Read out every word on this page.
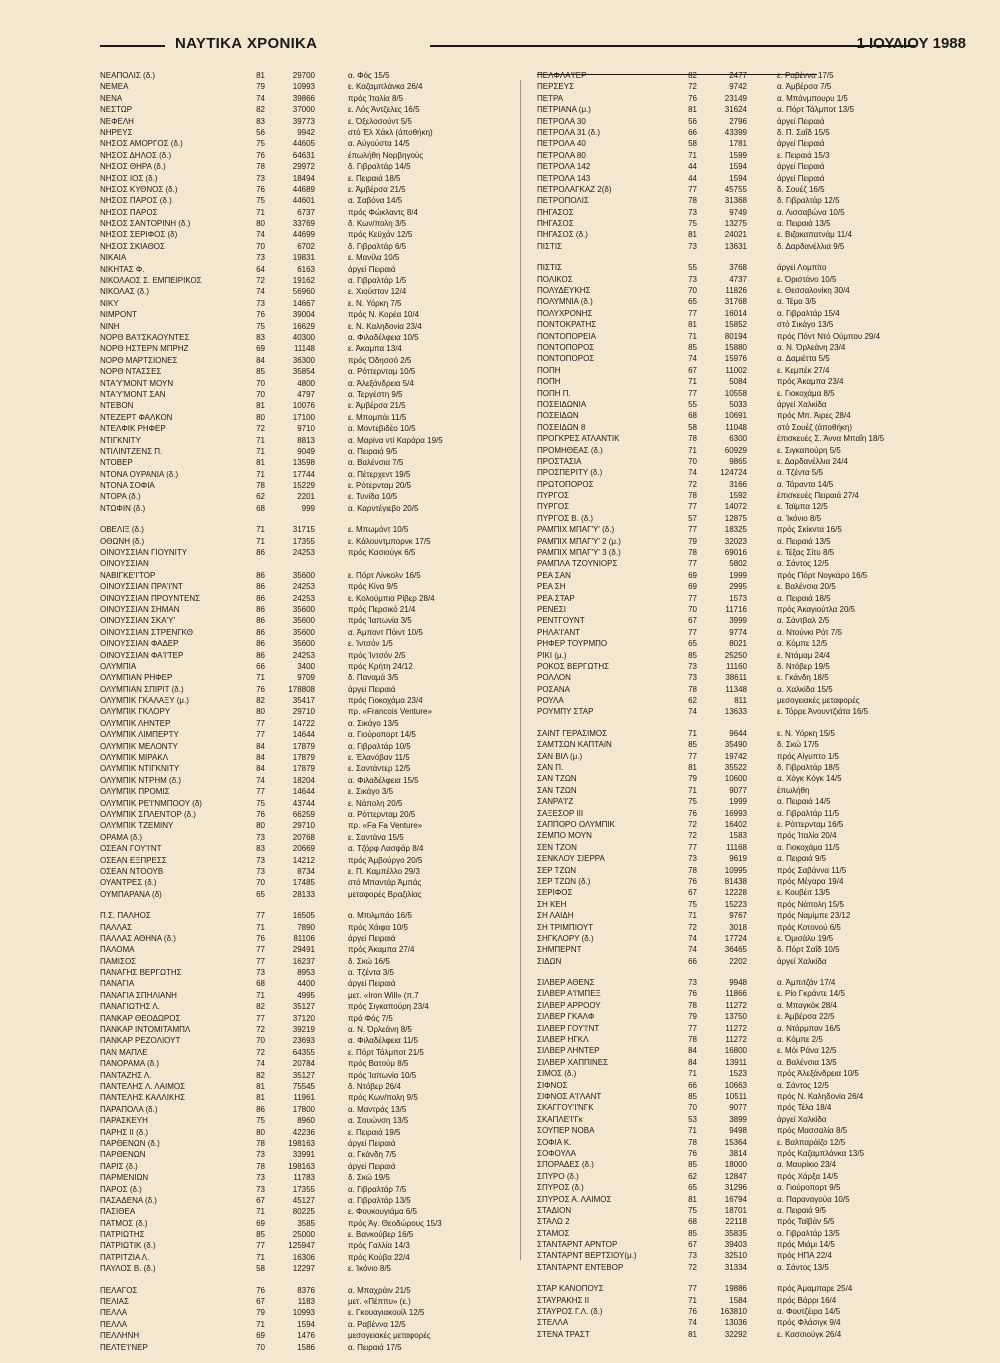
ΝΑΥΤΙΚΑ ΧΡΟΝΙΚΑ	1 ΙΟΥΛΙΟΥ 1988
ΝΕΑΠΟΛΙΣ (δ.)	81	29700	α. Φός 15/5
ΝΕΜΕΑ	79	10993	ε. Καζαμπλάνκα 26/4
ΝΕΝΑ	74	39866	πρός Ίταλία 8/5
ΝΕΣΤΩΡ	82	37000	ε. Λός Άντζελες 16/5
ΝΕΦΕΛΗ	83	39773	ε. Όξελοσούντ 5/5
ΝΗΡΕΥΣ	56	9942	στό Έλ Χάκλ (άποθήκη)
ΝΗΣΟΣ ΑΜΟΡΓΟΣ (δ.)	75	44605	α. Αύγούστα 14/5
ΝΗΣΟΣ ΔΗΛΟΣ (δ.)	76	64631	έπωλήθη Νορβηγούς
ΝΗΣΟΣ ΘΗΡΑ (δ.)	78	29972	δ. Γιβραλτάρ 14/5
ΝΗΣΟΣ ΙΟΣ (δ.)	73	18494	ε. Πειραιά 18/5
ΝΗΣΟΣ ΚΥΘΝΟΣ (δ.)	76	44689	ε. Άμβέρσα 21/5
ΝΗΣΟΣ ΠΑΡΟΣ (δ.)	75	44601	α. Σαβόνα 14/5
ΝΗΣΟΣ ΠΑΡΟΣ	71	6737	πρός Φώκλαντς 8/4
ΝΗΣΟΣ ΣΑΝΤΟΡΙΝΗ (δ.)	80	33769	δ. Κων/πολη 3/5
ΝΗΣΟΣ ΣΕΡΙΦΟΣ (δ)	74	44699	πρός Κεϋχάν 12/5
ΝΗΣΟΣ ΣΚΙΑΘΟΣ	70	6702	δ. Γιβραλτάρ 6/5
ΝΙΚΑΙΑ	73	19831	ε. Μανίλα 10/5
ΝΙΚΗΤΑΣ Φ.	64	6163	άργεί Πειραιά
ΝΙΚΟΛΑΟΣ Σ. ΕΜΠΕΙΡΙΚΟΣ	72	19162	α. Γιβραλτάρ 1/5
ΝΙΚΟΛΑΣ (δ.)	74	56960	ε. Χιούστον 12/4
ΝΙΚΥ	73	14667	ε. Ν. Υόρκη 7/5
ΝΙΜΡΟΝΤ	76	39004	πρός Ν. Κορέα 10/4
ΝΙΝΗ	75	16629	ε. Ν. Καληδονία 23/4
ΝΟΡΘ ΒΑ'Ι'ΣΚΑΟΥΝΤΕΣ	83	40300	α. Φιλαδέλφεια 10/5
ΝΟΡΘ ΗΣΤΕΡΝ ΜΠΡΗΖ	69	11148	ε. Άκαμπα 13/4
ΝΟΡΘ ΜΑΡΤΣΙΟΝΕΣ	84	36300	πρός Όδησσό 2/5
ΝΟΡΘ ΝΤΑΣΣΕΣ	85	35854	α. Ρόττερνταμ 10/5
ΝΤΑ'Υ'ΜΟΝΤ ΜΟΥΝ	70	4800	α. Άλεξάνδρεια 5/4
ΝΤΑ'Υ'ΜΟΝΤ ΣΑΝ	70	4797	α. Τεργέστη 9/5
ΝΤΕΒΟΝ	81	10076	ε. Άμβέρσα 21/5
ΝΤΕΖΕΡΤ ΦΑΛΚΟΝ	80	17100	ε. Μπομπάι 11/5
ΝΤΕΛΦΙΚ ΡΗΦΕΡ	72	9710	α. Μοντεβιδέο 10/5
ΝΤΙΓΚΝΙΤΥ	71	8813	α. Μαρίνα ντί Καράρα 19/5
ΝΤΙΛΙΝΤΖΕΝΣ Π.	71	9049	α. Πειραιά 9/5
ΝΤΟΒΕΡ	81	13598	α. Βαλένσια 7/5
ΝΤΟΝΑ ΟΥΡΑΝΙΑ (δ.)	71	17744	α. Πέτερχεντ 19/5
ΝΤΟΝΑ ΣΟΦΙΑ	78	15229	ε. Ρότερνταμ 20/5
ΝΤΟΡΑ (δ.)	62	2201	ε. Τυνίδα 10/5
ΝΤΩΦΙΝ (δ.)	68	999	α. Καρντέγιεβο 20/5
ΟΒΕΛΙΞ (δ.)	71	31715	ε. Μπωμόντ 10/5
ΟΘΩΝΗ (δ.)	71	17355	ε. Κάλουντμπορνκ 17/5
ΟΙΝΟΥΣΣΙΑΝ ΓΙΟΥΝΙΤΥ	86	24253	πρός Κασιούγκ 6/5
ΟΙΝΟΥΣΣΙΑΝ
ΝΑΒΙΓΚΕ'Ι'ΤΟΡ	86	35600	ε. Πόρτ Λίνκολν 16/5
ΟΙΝΟΥΣΣΙΑΝ ΠΡΑ'Ι'ΝΤ	86	24253	πρός Κίνα 9/5
ΟΙΝΟΥΣΣΙΑΝ ΠΡΟΥΝΤΕΝΣ	86	24253	ε. Κολούμπια Ρίβερ 28/4
ΟΙΝΟΥΣΣΙΑΝ ΣΗΜΑΝ	86	35600	πρός Περσικό 21/4
ΟΙΝΟΥΣΣΙΑΝ ΣΚΑ'Υ'	86	35600	πρός Ίαπωνία 3/5
ΟΙΝΟΥΣΣΙΑΝ ΣΤΡΕΝΓΚΘ	86	35600	α. Άμποντ Πόιντ 10/5
ΟΙΝΟΥΣΣΙΑΝ ΦΑΔΕΡ	86	35600	ε. Ίντσόν 1/5
ΟΙΝΟΥΣΣΙΑΝ ΦΑ'Ι'ΤΕΡ	86	24253	πρός Ίντσόν 2/5
ΟΛΥΜΠΙΑ	66	3400	πρός Κρήτη 24/12
ΟΛΥΜΠΙΑΝ ΡΗΦΕΡ	71	9709	δ. Παναμά 3/5
ΟΛΥΜΠΙΑΝ ΣΠΙΡΙΤ (δ.)	76	178808	άργεί Πειραιά
ΟΛΥΜΠΙΚ ΓΚΑΛΑΞΥ (μ.)	82	35417	πρός Γιοκοχάμα 23/4
ΟΛΥΜΠΙΚ ΓΚΛΟΡΥ	80	29710	πρ. «Francois Venture»
ΟΛΥΜΠΙΚ ΛΗΝΤΕΡ	77	14722	α. Σικάγο 13/5
ΟΛΥΜΠΙΚ ΛΙΜΠΕΡΤΥ	77	14644	α. Γιούροπορτ 14/5
ΟΛΥΜΠΙΚ ΜΕΛΟΝΤΥ	84	17879	α. Γιβραλτάρ 10/5
ΟΛΥΜΠΙΚ ΜΙΡΑΚΛ	84	17879	ε. Έλανόβαν 11/5
ΟΛΥΜΠΙΚ ΝΤΙΓΚΝΙΤΥ	84	17879	ε. Σαντάντερ 12/5
ΟΛΥΜΠΙΚ ΝΤΡΗΜ (δ.)	74	18204	α. Φιλαδέλφεια 15/5
ΟΛΥΜΠΙΚ ΠΡΟΜΙΣ	77	14644	ε. Σικάγο 3/5
ΟΛΥΜΠΙΚ ΡΕ'Ι'ΝΜΠΟΟΥ (δ)	75	43744	ε. Νάπολη 20/5
ΟΛΥΜΠΙΚ ΣΠΛΕΝΤΟΡ (δ.)	76	66259	α. Ρόττερνταμ 20/5
ΟΛΥΜΠΙΚ ΤΖΕΜΙΝΥ	80	29710	πρ. «Fa Fa Venture»
ΟΡΑΜΑ (δ.)	73	20768	ε. Σαντάνα 15/5
ΟΣΕΑΝ ΓΟΥ'Ι'ΝΤ	83	20669	α. Τζόρφ Λασφάρ 8/4
ΟΣΕΑΝ ΕΞΠΡΕΣΣ	73	14212	πρός Άμβούργο 20/5
ΟΣΕΑΝ ΝΤΟΟΥΒ	73	8734	ε. Π. Καμπέλλο 29/3
ΟΥΑΝΤΡΕΣ (δ.)	70	17485	στό Μπαντάρ Άμπάς
ΟΥΜΠΑΡΑΝΑ (δ)	65	28133	μεταφορές Βραζιλίας
Π.Σ. ΠΑΛΗΟΣ	77	16505	α. Μπιλμπάο 16/5
ΠΑΛΛΑΣ	71	7890	πρός Χάιφα 10/5
ΠΑΛΛΑΣ ΑΘΗΝΑ (δ.)	76	81106	άργεί Πειραιά
ΠΑΛΟΜΑ	77	29491	πρός Άκαμπα 27/4
ΠΑΜΙΣΟΣ	77	16237	δ. Σκώ 16/5
ΠΑΝΑΓΗΣ ΒΕΡΓΩΤΗΣ	73	8953	α. Τζέντα 3/5
ΠΑΝΑΓΙΑ	68	4400	άργεί Πειραιά
ΠΑΝΑΓΙΑ ΣΠΗΛΙΑΝΗ	71	4995	μετ. «Iron Will» (π.7
ΠΑΝΑΓΙΩΤΗΣ Λ.	82	35127	πρός Σιγκαπούρη 23/4
ΠΑΝΚΑΡ ΘΕΟΔΩΡΟΣ	77	37120	πρό Φός 7/5
ΠΑΝΚΑΡ ΙΝΤΟΜΙΤΑΜΠΛ	72	39219	α. Ν. Όρλεάνη 8/5
ΠΑΝΚΑΡ ΡΕΖΟΛΙΟΥΤ	70	23693	α. Φιλαδέλφεια 11/5
ΠΑΝ ΜΑΠΛΕ	72	64355	ε. Πόρτ Τάλμποτ 21/5
ΠΑΝΟΡΑΜΑ (δ.)	74	20784	πρός Βατούμ 8/5
ΠΑΝΤΑΖΗΣ Λ.	82	35127	πρός Ίαπωνία 10/5
ΠΑΝΤΕΛΗΣ Λ. ΛΑΙΜΟΣ	81	75545	δ. Ντόβερ 26/4
ΠΑΝΤΕΛΗΣ ΚΑΛΛΙΚΗΣ	81	11961	πρός Κων/πολη 9/5
ΠΑΡΑΠΟΛΑ (δ.)	86	17800	α. Μαντράς 13/5
ΠΑΡΑΣΚΕΥΗ	75	8960	α. Σουώνση 13/5
ΠΑΡΗΣ ΙΙ (δ.)	80	42236	ε. Πειραιά 19/5
ΠΑΡΘΕΝΩΝ (δ.)	78	198163	άργεί Πειραιά
ΠΑΡΘΕΝΩΝ	73	33991	α. Γκάνδη 7/5
ΠΑΡΙΣ (δ.)	78	198163	άργεί Πειραιά
ΠΑΡΜΕΝΙΩΝ	73	11783	δ. Σκώ 19/5
ΠΑΡΟΣ (δ.)	73	17355	α. Γιβραλτάρ 7/5
ΠΑΣΑΔΕΝΑ (δ.)	67	45127	α. Γιβραλτάρ 13/5
ΠΑΣΙΘΕΑ	71	80225	ε. Φουκουγιάμα 6/5
ΠΑΤΜΟΣ (δ.)	69	3585	πρός Άγ. Θεοδώρους 15/3
ΠΑΤΡΙΩΤΗΣ	85	25000	ε. Βανκούβερ 16/5
ΠΑΤΡΙΩΤΙΚ (δ.)	77	125947	πρός Γαλλία 14/3
ΠΑΤΡΙΤΖΙΑ Λ.	71	16306	πρός Κούβα 22/4
ΠΑΥΛΟΣ Β. (δ.)	58	12297	ε. Ίκόνιο 8/5
ΠΕΛΑΓΟΣ	76	8376	α. Μπαχράιν 21/5
ΠΕΛΙΑΣ	67	1183	μετ. «Πέππυ» (ε.)
ΠΕΛΛΑ	79	10993	ε. Γκουαγιακουίλ 12/5
ΠΕΛΛΑ	71	1594	α. Ραβέννα 12/5
ΠΕΛΛΗΝΗ	69	1476	μεσογειακές μεταφορές
ΠΕΛΤΕ'Ι'ΝΕΡ	70	1586	α. Πειραιά 17/5
ΠΕΛΦΛΑ'Ι'ΕΡ	82	2477	ε. Ραβέννα 17/5
ΠΕΡΣΕΥΣ	72	9742	α. Άμβέρσα 7/5
ΠΕΤΡΑ	76	23149	α. Μπάνμπουρυ 1/5
ΠΕΤΡΙΑΝΑ (μ.)	81	31624	α. Πόρτ Τάλμποτ 13/5
ΠΕΤΡΟΛΑ 30	56	2796	άργεί Πειραιά
ΠΕΤΡΟΛΑ 31 (δ.)	66	43399	δ. Π. Σαΐδ 15/5
ΠΕΤΡΟΛΑ 40	58	1781	άργεί Πειραιά
ΠΕΤΡΟΛΑ 80	71	1599	ε. Πειραιά 15/3
ΠΕΤΡΟΛΑ 142	44	1594	άργεί Πειραιά
ΠΕΤΡΟΛΑ 143	44	1594	άργεί Πειραιά
ΠΕΤΡΟΛΑΓΚΑΖ 2(δ)	77	45755	δ. Σουέζ 16/5
ΠΕΤΡΟΠΟΛΙΣ	78	31368	δ. Γιβραλτάρ 12/5
ΠΗΓΑΣΟΣ	73	9749	α. Λισσαβώνα 10/5
ΠΗΓΑΣΟΣ	75	13275	α. Πειραιά 13/5
ΠΗΓΑΣΟΣ (δ.)	81	24021	ε. Βιζακαπατνάμ 11/4
ΠΙΣΤΙΣ	73	13631	δ. Δαρδανέλλια 9/5
ΠΙΣΤΙΣ	55	3768	άργεί Λομπίτο
ΠΟΛΙΚΟΣ	73	4737	ε. Όριστάνο 10/5
ΠΟΛΥΔΕΥΚΗΣ	70	11826	ε. Θεσσαλονίκη 30/4
ΠΟΛΥΜΝΙΑ (δ.)	65	31768	α. Τέμα 3/5
ΠΟΛΥΧΡΟΝΗΣ	77	16014	α. Γιβραλτάρ 15/4
ΠΟΝΤΟΚΡΑΤΗΣ	81	15852	στό Σικάγο 13/5
ΠΟΝΤΟΠΟΡΕΙΑ	71	80194	πρός Πόντ Ντό Ούμπου 29/4
ΠΟΝΤΟΠΟΡΟΣ	85	15880	α. Ν. Όρλεάνη 23/4
ΠΟΝΤΟΠΟΡΟΣ	74	15976	α. Δαμιέττα 5/5
ΠΟΠΗ	67	11002	ε. Κεμπέκ 27/4
ΠΟΠΗ	71	5084	πρός Άκαμπα 23/4
ΠΟΠΗ Π.	77	10558	ε. Γιοκοχάμα 8/5
ΠΟΣΕΙΔΩΝΙΑ	55	5033	άργεί Χαλκίδα
ΠΟΣΕΙΔΩΝ	68	10691	πρός Μπ. Άιρες 28/4
ΠΟΣΕΙΔΩΝ 8	58	11048	στό Σουέζ (άποθήκη)
ΠΡΟΓΚΡΕΣ ΑΤΛΑΝΤΙΚ	78	6300	έπισκευές Σ. Άννα Μπαΐη 18/5
ΠΡΟΜΗΘΕΑΣ (δ.)	71	60929	ε. Σιγκαπούρη 5/5
ΠΡΟΣΤΑΣΙΑ	70	9865	ε. Δαρδανέλλια 24/4
ΠΡΟΣΠΕΡΙΤΥ (δ.)	74	124724	α. Τζέντα 5/5
ΠΡΩΤΟΠΟΡΟΣ	72	3166	α. Τάραντα 14/5
ΠΥΡΓΟΣ	78	1592	έπισκευές Πειραιά 27/4
ΠΥΡΓΟΣ	77	14072	ε. Ταϊμπα 12/5
ΠΥΡΓΟΣ Β. (δ.)	57	12875	α. Ίκόνιο 8/5
ΡΑΜΠΙΧ ΜΠΑΓ'Υ' (δ.)	77	18325	πρός Σκίκντα 16/5
ΡΑΜΠΙΧ ΜΠΑΓ'Υ' 2 (μ.)	79	32023	α. Πειραιά 13/5
ΡΑΜΠΙΧ ΜΠΑΓ'Υ' 3 (δ.)	78	69016	ε. Τέξας Σίτυ 8/5
ΡΑΜΠΛΑ ΤΖΟΥΝΙΟΡΣ	77	5802	α. Σάντος 12/5
ΡΕΑ ΣΑΝ	69	1999	πρός Πόρτ Νογκάρο 16/5
ΡΕΑ ΣΗ	69	2995	ε. Βαλένσια 20/5
ΡΕΑ ΣΤΑΡ	77	1573	α. Πειραιά 18/5
ΡΕΝΕΣΙ	70	11716	πρός Άκαγιούτλα 20/5
ΡΕΝΤΓΟΥΝΤ	67	3999	α. Σάντβαλ 2/5
ΡΗΛΑ'Ι'ΑΝΤ	77	9774	α. Ντούνκι Ρότ 7/5
ΡΗΦΕΡ ΤΟΥΡΜΠΟ	65	8021	α. Κόμπε 12/5
ΡΙΚΙ (μ.)	85	25250	ε. Ντάμαμ 24/4
ΡΟΚΟΣ ΒΕΡΓΩΤΗΣ	73	11160	δ. Ντόβερ 19/5
ΡΟΛΛΟΝ	73	38611	ε. Γκάνδη 18/5
ΡΟΣΑΝΑ	78	11348	α. Χαλκίδα 15/5
ΡΟΥΛΑ	62	811	μεσογειακές μεταφορές
ΡΟΥΜΠΥ ΣΤΑΡ	74	13633	ε. Τόρρε Άνουντζιάτα 16/5
ΣΑΙΝΤ ΓΕΡΑΣΙΜΟΣ	71	9644	ε. Ν. Υόρκη 15/5
ΣΑΜΤΣΩΝ ΚΑΠΤΑΙΝ	85	35490	δ. Σκώ 17/5
ΣΑΝ ΒΙΛ (μ.)	77	19742	πρός Αίγυπτο 1/5
ΣΑΝ Π.	81	35522	δ. Γιβραλτάρ 18/5
ΣΑΝ ΤΖΩΝ	79	10600	α. Χόγκ Κόγκ 14/5
ΣΑΝ ΤΖΩΝ	71	9077	έπωλήθη
ΣΑΝΡΑ'Ι'Ζ	75	1999	α. Πειραιά 14/5
ΣΑΞΕΣΟΡ ΙΙΙ	76	16993	α. Γιβραλτάρ 11/5
ΣΑΠΠΟΡΟ ΟΛΥΜΠΙΚ	72	16402	ε. Ρόττερνταμ 16/5
ΣΕΜΠΟ ΜΟΥΝ	72	1583	πρός Ίταλία 20/4
ΣΕΝ ΤΖΟΝ	77	11168	α. Γιοκοχάμα 11/5
ΣΕΝΚΛΟΥ ΣΙΕΡΡΑ	73	9619	α. Πειραιά 9/5
ΣΕΡ ΤΖΩΝ	78	10995	πρός Σαβάννα 11/5
ΣΕΡ ΤΖΩΝ (δ.)	76	81438	πρός Μέγαρα 19/4
ΣΕΡΙΦΟΣ	67	12228	ε. Κουβέιτ 13/5
ΣΗ ΚΕΗ	75	15223	πρός Νάπολη 15/5
ΣΗ ΛΑΙΔΗ	71	9767	πρός Ναμίμπε 23/12
ΣΗ ΤΡΙΜΠΙΟΥΤ	72	3018	πρός Κοτονού 6/5
ΣΗΓΚΛΟΡΥ (δ.)	74	17724	ε. Όμισάλυ 19/5
ΣΗΜΠΕΡΝΤ	74	36465	δ. Πόρτ Σαΐδ 10/5
ΣΙΔΩΝ	66	2202	άργεί Χαλκίδα
ΣΙΛΒΕΡ ΑΘΕΝΣ	73	9948	α. Άμπιτζάν 17/4
ΣΙΛΒΕΡ Α'Ι'ΜΠΕΞ	76	11866	ε. Ρίο Γκράντε 14/5
ΣΙΛΒΕΡ ΑΡΡΟΟΥ	78	11272	α. Μπαγκόκ 28/4
ΣΙΛΒΕΡ ΓΚΑΛΦ	79	13750	ε. Άμβέρσα 22/5
ΣΙΛΒΕΡ ΓΟΥ'Ι'ΝΤ	77	11272	α. Ντάρμπαν 16/5
ΣΙΛΒΕΡ ΗΓΚΛ	78	11272	α. Κόμπε 2/5
ΣΙΛΒΕΡ ΛΗΝΤΕΡ	84	16800	ε. Μόι Ράνα 12/5
ΣΙΛΒΕΡ ΧΑΠΠΙΝΕΣ	84	13911	α. Βαλένσια 13/5
ΣΙΜΟΣ (δ.)	71	1523	πρός Άλεξάνδρεια 10/5
ΣΙΦΝΟΣ	66	10663	α. Σάντος 12/5
ΣΙΦΝΟΣ Α'Ι'ΛΑΝΤ	85	10511	πρός Ν. Καληδονία 26/4
ΣΚΑΓΓΟΥ'Ι'ΝΓΚ	70	9077	πρός Τέλα 18/4
ΣΚΑΠΛΕ'Ι'Γκ	53	3899	άργεί Χαλκίδα
ΣΟΥΠΕΡ ΝΟΒΑ	71	9498	πρός Μασσαλία 8/5
ΣΟΦΙΑ Κ.	78	15364	ε. Βαλπαράίζο 12/5
ΣΟΦΟΥΛΑ	76	3814	πρός Καζαμπλάνκα 13/5
ΣΠΟΡΑΔΕΣ (δ.)	85	18000	α. Μαυρίκιο 23/4
ΣΠΥΡΟ (δ.)	62	12847	πρός Χάρξα 14/5
ΣΠΥΡΟΣ (δ.)	65	31296	α. Γιούροπορτ 9/5
ΣΠΥΡΟΣ Α. ΛΑΙΜΟΣ	81	16794	α. Παραναγούα 10/5
ΣΤΑΔΙΟΝ	75	18701	α. Πειραιά 9/5
ΣΤΑΛΩ 2	68	22118	πρός Ταϊβάν 5/5
ΣΤΑΜΟΣ	85	35835	α. Γιβραλτάρ 13/5
ΣΤΑΝΤΑΡΝΤ ΑΡΝΤΟΡ	67	39403	πρός Μιάμι 14/5
ΣΤΑΝΤΑΡΝΤ ΒΕΡΤΣΙΟΥ(μ.)	73	32510	πρός ΗΠΑ 22/4
ΣΤΑΝΤΑΡΝΤ ΕΝΤΕΒΟΡ	72	31334	α. Σάντος 13/5
ΣΤΑΡ ΚΑΝΟΠΟΥΣ	77	19886	πρός Άμαμπαρε 25/4
ΣΤΑΥΡΑΚΗΣ ΙΙ	71	1584	πρός Βάρρι 16/4
ΣΤΑΥΡΟΣ Γ.Λ. (δ.)	76	163810	α. Φουτζέιρα 14/5
ΣΤΕΛΛΑ	74	13036	πρός Φλάσιγκ 9/4
ΣΤΕΝΑ ΤΡΑΣΤ	81	32292	ε. Κασσιούγκ 26/4
